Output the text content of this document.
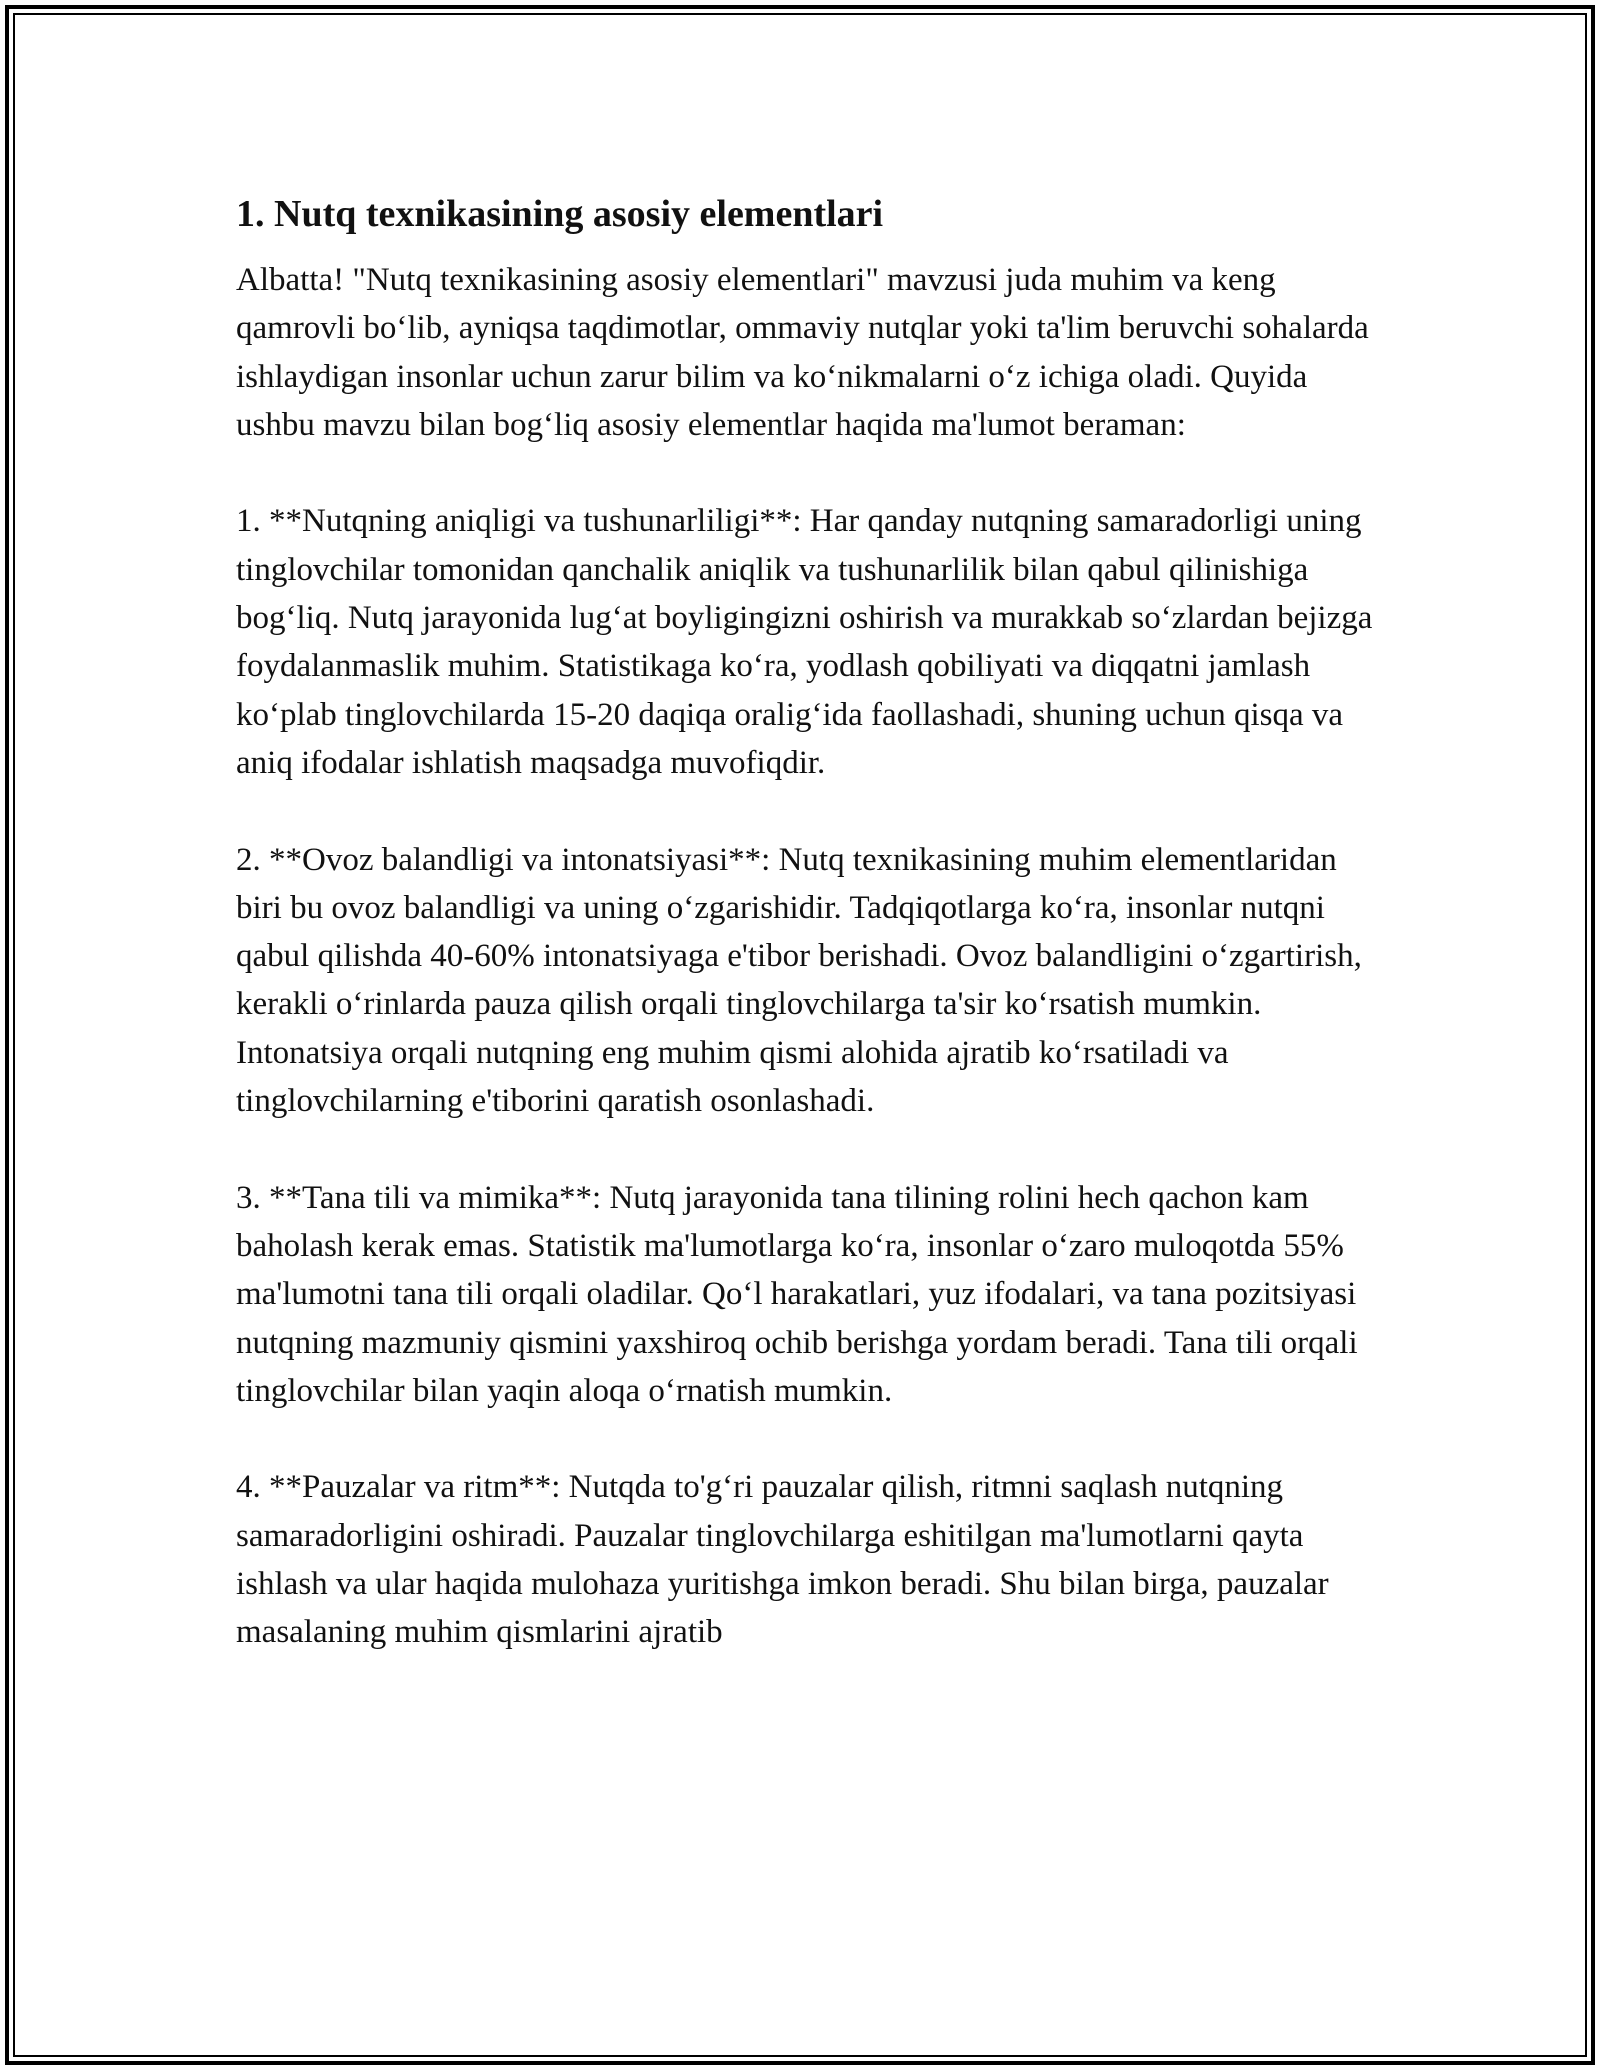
1. Nutq texnikasining asosiy elementlari

Albatta! "Nutq texnikasining asosiy elementlari" mavzusi juda muhim va keng qamrovli bo‘lib, ayniqsa taqdimotlar, ommaviy nutqlar yoki ta'lim beruvchi sohalarda ishlaydigan insonlar uchun zarur bilim va ko‘nikmalarni o‘z ichiga oladi. Quyida ushbu mavzu bilan bog‘liq asosiy elementlar haqida ma'lumot beraman:

1. **Nutqning aniqligi va tushunarliligi**: Har qanday nutqning samaradorligi uning tinglovchilar tomonidan qanchalik aniqlik va tushunarlilik bilan qabul qilinishiga bog‘liq. Nutq jarayonida lug‘at boyligingizni oshirish va murakkab so‘zlardan bejizga foydalanmaslik muhim. Statistikaga ko‘ra, yodlash qobiliyati va diqqatni jamlash ko‘plab tinglovchilarda 15-20 daqiqa oralig‘ida faollashadi, shuning uchun qisqa va aniq ifodalar ishlatish maqsadga muvofiqdir.

2. **Ovoz balandligi va intonatsiyasi**: Nutq texnikasining muhim elementlaridan biri bu ovoz balandligi va uning o‘zgarishidir. Tadqiqotlarga ko‘ra, insonlar nutqni qabul qilishda 40-60% intonatsiyaga e'tibor berishadi. Ovoz balandligini o‘zgartirish, kerakli o‘rinlarda pauza qilish orqali tinglovchilarga ta'sir ko‘rsatish mumkin. Intonatsiya orqali nutqning eng muhim qismi alohida ajratib ko‘rsatiladi va tinglovchilarning e'tiborini qaratish osonlashadi.

3. **Tana tili va mimika**: Nutq jarayonida tana tilining rolini hech qachon kam baholash kerak emas. Statistik ma'lumotlarga ko‘ra, insonlar o‘zaro muloqotda 55% ma'lumotni tana tili orqali oladilar. Qo‘l harakatlari, yuz ifodalari, va tana pozitsiyasi nutqning mazmuniy qismini yaxshiroq ochib berishga yordam beradi. Tana tili orqali tinglovchilar bilan yaqin aloqa o‘rnatish mumkin.

4. **Pauzalar va ritm**: Nutqda to'g‘ri pauzalar qilish, ritmni saqlash nutqning samaradorligini oshiradi. Pauzalar tinglovchilarga eshitilgan ma'lumotlarni qayta ishlash va ular haqida mulohaza yuritishga imkon beradi. Shu bilan birga, pauzalar masalaning muhim qismlarini ajratib
